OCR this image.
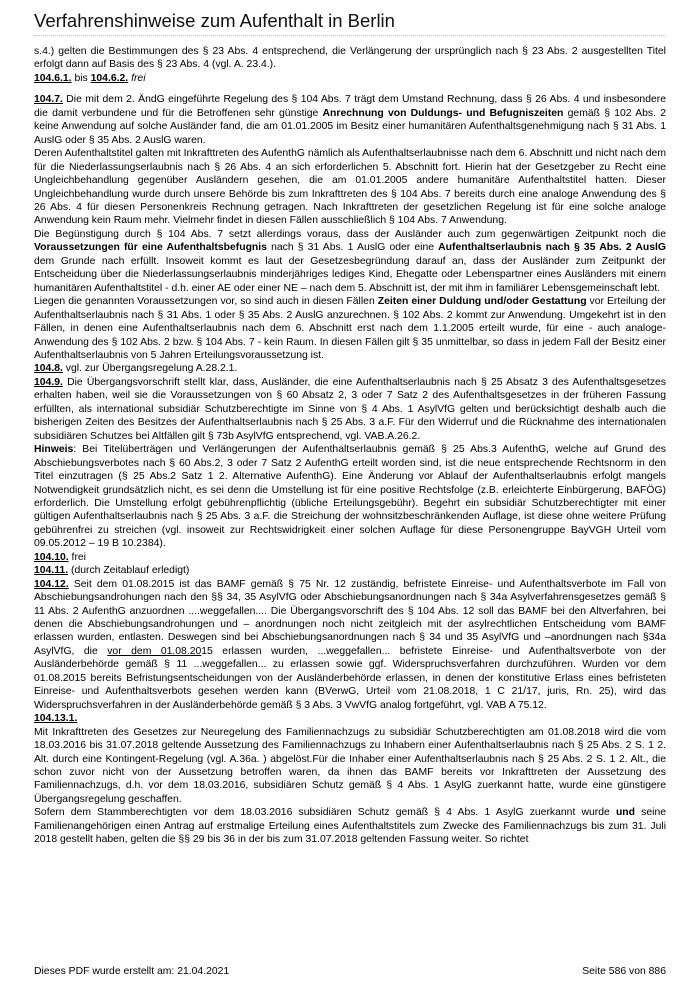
Verfahrenshinweise zum Aufenthalt in Berlin

s.4.) gelten die Bestimmungen des § 23 Abs. 4 entsprechend, die Verlängerung der ursprünglich nach § 23 Abs. 2 ausgestellten Titel erfolgt dann auf Basis des § 23 Abs. 4 (vgl. A. 23.4.).

104.6.1. bis 104.6.2. frei

104.7. Die mit dem 2. ÄndG eingeführte Regelung des § 104 Abs. 7 trägt dem Umstand Rechnung, dass § 26 Abs. 4 und insbesondere die damit verbundene und für die Betroffenen sehr günstige Anrechnung von Duldungs- und Befugniszeiten gemäß § 102 Abs. 2 keine Anwendung auf solche Ausländer fand, die am 01.01.2005 im Besitz einer humanitären Aufenthaltsgenehmigung nach § 31 Abs. 1 AuslG oder § 35 Abs. 2 AuslG waren.

Deren Aufenthaltstitel galten mit Inkrafttreten des AufenthG nämlich als Aufenthaltserlaubnisse nach dem 6. Abschnitt und nicht nach dem für die Niederlassungserlaubnis nach § 26 Abs. 4 an sich erforderlichen 5. Abschnitt fort. Hierin hat der Gesetzgeber zu Recht eine Ungleichbehandlung gegenüber Ausländern gesehen, die am 01.01.2005 andere humanitäre Aufenthaltstitel hatten. Dieser Ungleichbehandlung wurde durch unsere Behörde bis zum Inkrafttreten des § 104 Abs. 7 bereits durch eine analoge Anwendung des § 26 Abs. 4 für diesen Personenkreis Rechnung getragen. Nach Inkrafttreten der gesetzlichen Regelung ist für eine solche analoge Anwendung kein Raum mehr. Vielmehr findet in diesen Fällen ausschließlich § 104 Abs. 7 Anwendung.

Die Begünstigung durch § 104 Abs. 7 setzt allerdings voraus, dass der Ausländer auch zum gegenwärtigen Zeitpunkt noch die Voraussetzungen für eine Aufenthaltsbefugnis nach § 31 Abs. 1 AuslG oder eine Aufenthaltserlaubnis nach § 35 Abs. 2 AuslG dem Grunde nach erfüllt. Insoweit kommt es laut der Gesetzesbegründung darauf an, dass der Ausländer zum Zeitpunkt der Entscheidung über die Niederlassungserlaubnis minderjähriges lediges Kind, Ehegatte oder Lebenspartner eines Ausländers mit einem humanitären Aufenthaltstitel - d.h. einer AE oder einer NE – nach dem 5. Abschnitt ist, der mit ihm in familiärer Lebensgemeinschaft lebt.

Liegen die genannten Voraussetzungen vor, so sind auch in diesen Fällen Zeiten einer Duldung und/oder Gestattung vor Erteilung der Aufenthaltserlaubnis nach § 31 Abs. 1 oder § 35 Abs. 2 AuslG anzurechnen. § 102 Abs. 2 kommt zur Anwendung. Umgekehrt ist in den Fällen, in denen eine Aufenthaltserlaubnis nach dem 6. Abschnitt erst nach dem 1.1.2005 erteilt wurde, für eine - auch analoge- Anwendung des § 102 Abs. 2 bzw. § 104 Abs. 7 - kein Raum. In diesen Fällen gilt § 35 unmittelbar, so dass in jedem Fall der Besitz einer Aufenthaltserlaubnis von 5 Jahren Erteilungsvoraussetzung ist.

104.8. vgl. zur Übergangsregelung A.28.2.1.

104.9. Die Übergangsvorschrift stellt klar, dass, Ausländer, die eine Aufenthaltserlaubnis nach § 25 Absatz 3 des Aufenthaltsgesetzes erhalten haben, weil sie die Voraussetzungen von § 60 Absatz 2, 3 oder 7 Satz 2 des Aufenthaltsgesetzes in der früheren Fassung erfüllten, als international subsidiär Schutzberechtigte im Sinne von § 4 Abs. 1 AsylVfG gelten und berücksichtigt deshalb auch die bisherigen Zeiten des Besitzes der Aufenthaltserlaubnis nach § 25 Abs. 3 a.F. Für den Widerruf und die Rücknahme des internationalen subsidiären Schutzes bei Altfällen gilt § 73b AsylVfG entsprechend, vgl. VAB.A.26.2.

Hinweis: Bei Titelüberträgen und Verlängerungen der Aufenthaltserlaubnis gemäß § 25 Abs.3 AufenthG, welche auf Grund des Abschiebungsverbotes nach § 60 Abs.2, 3 oder 7 Satz 2 AufenthG erteilt worden sind, ist die neue entsprechende Rechtsnorm in den Titel einzutragen (§ 25 Abs.2 Satz 1 2. Alternative AufenthG). Eine Änderung vor Ablauf der Aufenthaltserlaubnis erfolgt mangels Notwendigkeit grundsätzlich nicht, es sei denn die Umstellung ist für eine positive Rechtsfolge (z.B. erleichterte Einbürgerung, BAFÖG) erforderlich. Die Umstellung erfolgt gebührenpflichtig (übliche Erteilungsgebühr). Begehrt ein subsidiär Schutzberechtigter mit einer gültigen Aufenthaltserlaubnis nach § 25 Abs. 3 a.F. die Streichung der wohnsitzbeschränkenden Auflage, ist diese ohne weitere Prüfung gebührenfrei zu streichen (vgl. insoweit zur Rechtswidrigkeit einer solchen Auflage für diese Personengruppe BayVGH Urteil vom 09.05.2012 – 19 B 10.2384).

104.10. frei

104.11. (durch Zeitablauf erledigt)

104.12. Seit dem 01.08.2015 ist das BAMF gemäß § 75 Nr. 12 zuständig, befristete Einreise- und Aufenthaltsverbote im Fall von Abschiebungsandrohungen nach den §§ 34, 35 AsylVfG oder Abschiebungsanordnungen nach § 34a Asylverfahrensgesetzes gemäß § 11 Abs. 2 AufenthG anzuordnen ....weggefallen.... Die Übergangsvorschrift des § 104 Abs. 12 soll das BAMF bei den Altverfahren, bei denen die Abschiebungsandrohungen und – anordnungen noch nicht zeitgleich mit der asylrechtlichen Entscheidung vom BAMF erlassen wurden, entlasten. Deswegen sind bei Abschiebungsanordnungen nach § 34 und 35 AsylVfG und –anordnungen nach §34a AsylVfG, die vor dem 01.08.2015 erlassen wurden, ...weggefallen... befristete Einreise- und Aufenthaltsverbote von der Ausländerbehörde gemäß § 11 ...weggefallen... zu erlassen sowie ggf. Widerspruchsverfahren durchzuführen. Wurden vor dem 01.08.2015 bereits Befristungsentscheidungen von der Ausländerbehörde erlassen, in denen der konstitutive Erlass eines befristeten Einreise- und Aufenthaltsverbots gesehen werden kann (BVerwG, Urteil vom 21.08.2018, 1 C 21/17, juris, Rn. 25), wird das Widerspruchsverfahren in der Ausländerbehörde gemäß § 3 Abs. 3 VwVfG analog fortgeführt, vgl. VAB A 75.12.

104.13.1.

Mit Inkrafttreten des Gesetzes zur Neuregelung des Familiennachzugs zu subsidiär Schutzberechtigten am 01.08.2018 wird die vom 18.03.2016 bis 31.07.2018 geltende Aussetzung des Familiennachzugs zu Inhabern einer Aufenthaltserlaubnis nach § 25 Abs. 2 S. 1 2. Alt. durch eine Kontingent-Regelung (vgl. A.36a. ) abgelöst.Für die Inhaber einer Aufenthaltserlaubnis nach § 25 Abs. 2 S. 1 2. Alt., die schon zuvor nicht von der Aussetzung betroffen waren, da ihnen das BAMF bereits vor Inkrafttreten der Aussetzung des Familiennachzugs, d.h. vor dem 18.03.2016, subsidiären Schutz gemäß § 4 Abs. 1 AsylG zuerkannt hatte, wurde eine günstigere Übergangsregelung geschaffen.

Sofern dem Stammberechtigten vor dem 18.03.2016 subsidiären Schutz gemäß § 4 Abs. 1 AsylG zuerkannt wurde und seine Familienangehörigen einen Antrag auf erstmalige Erteilung eines Aufenthaltstitels zum Zwecke des Familiennachzugs bis zum 31. Juli 2018 gestellt haben, gelten die §§ 29 bis 36 in der bis zum 31.07.2018 geltenden Fassung weiter. So richtet

Dieses PDF wurde erstellt am: 21.04.2021	Seite 586 von 886
